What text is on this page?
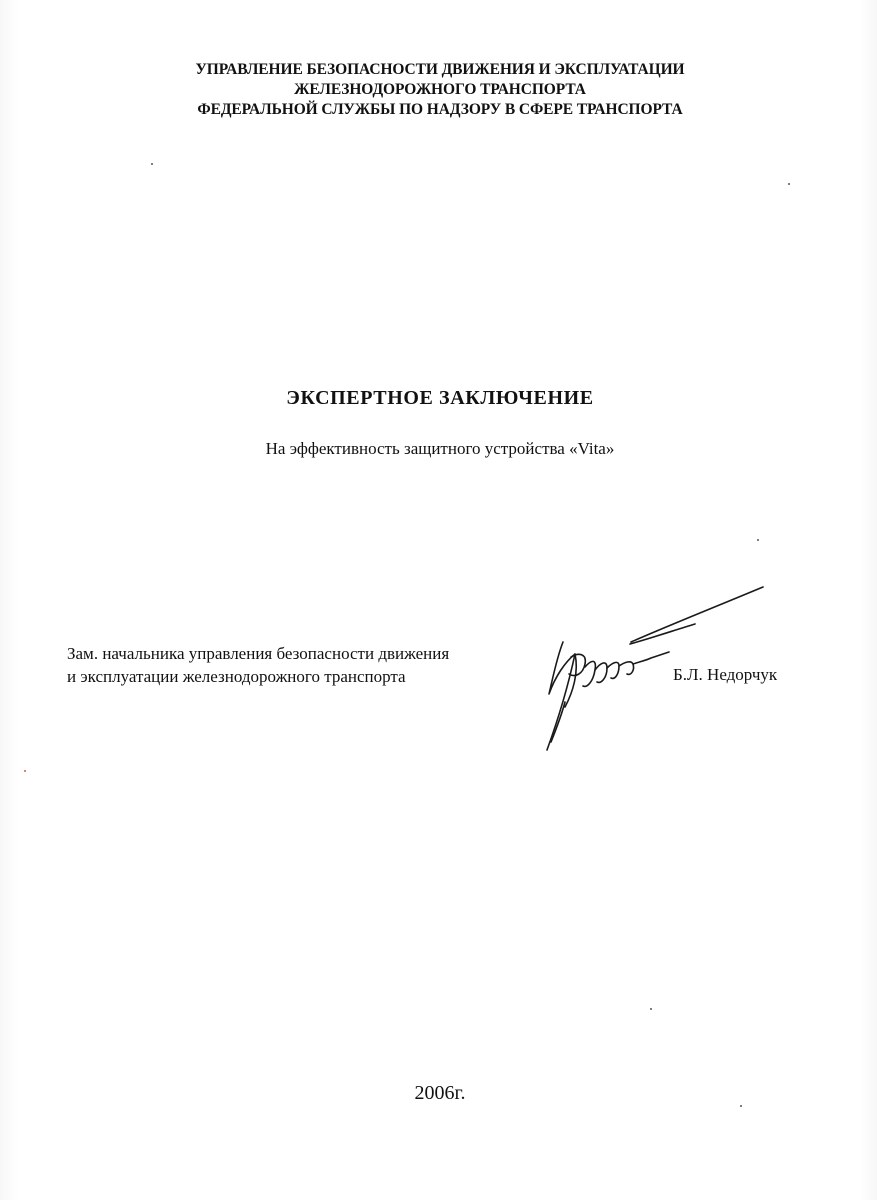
УПРАВЛЕНИЕ БЕЗОПАСНОСТИ ДВИЖЕНИЯ И ЭКСПЛУАТАЦИИ
ЖЕЛЕЗНОДОРОЖНОГО ТРАНСПОРТА
ФЕДЕРАЛЬНОЙ СЛУЖБЫ ПО НАДЗОРУ В СФЕРЕ ТРАНСПОРТА
ЭКСПЕРТНОЕ ЗАКЛЮЧЕНИЕ
На эффективность защитного устройства «Vita»
Зам. начальника управления безопасности движения
и эксплуатации железнодорожного транспорта	Б.Л. Недорчук
2006г.
